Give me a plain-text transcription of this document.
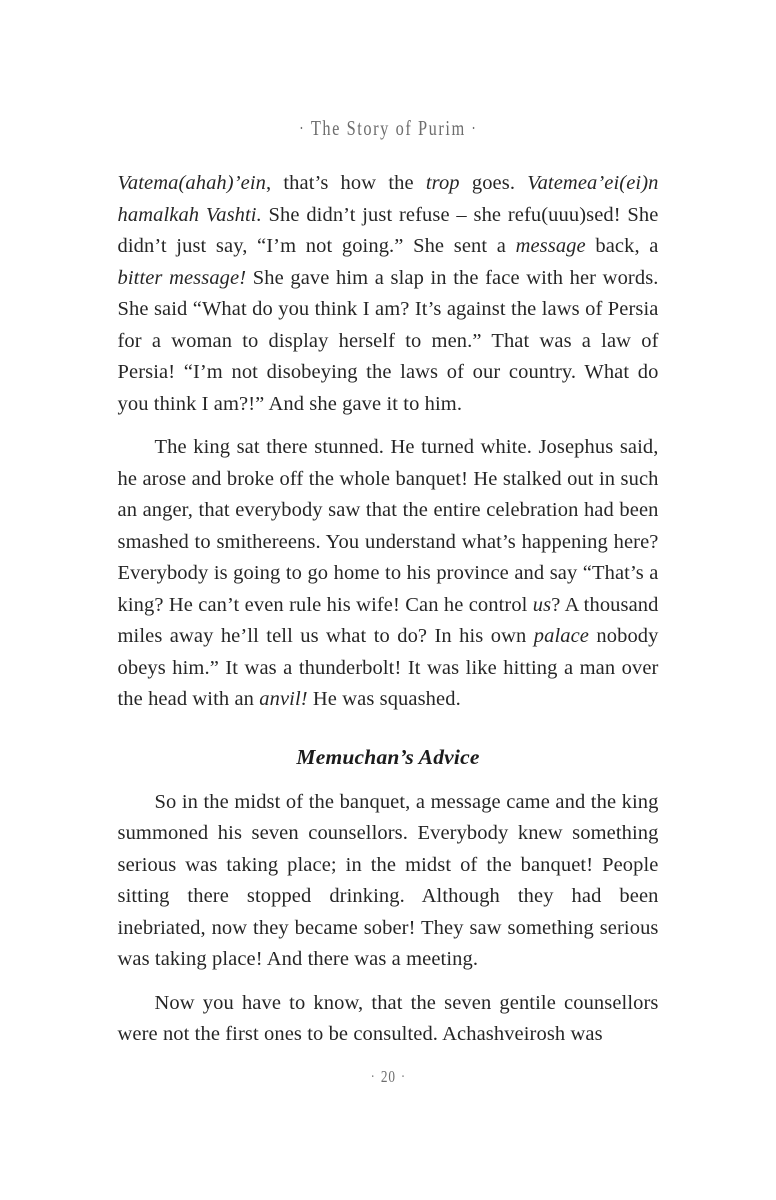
· The Story of Purim ·

Vatema(ahah)’ein, that’s how the trop goes. Vatemea’ei(ei)n hamalkah Vashti. She didn’t just refuse – she refu(uuu)sed! She didn’t just say, “I’m not going.” She sent a message back, a bitter message! She gave him a slap in the face with her words. She said “What do you think I am? It’s against the laws of Persia for a woman to display herself to men.” That was a law of Persia! “I’m not disobeying the laws of our country. What do you think I am?!” And she gave it to him.

The king sat there stunned. He turned white. Josephus said, he arose and broke off the whole banquet! He stalked out in such an anger, that everybody saw that the entire celebration had been smashed to smithereens. You understand what’s happening here? Everybody is going to go home to his province and say “That’s a king? He can’t even rule his wife! Can he control us? A thousand miles away he’ll tell us what to do? In his own palace nobody obeys him.” It was a thunderbolt! It was like hitting a man over the head with an anvil! He was squashed.

Memuchan’s Advice

So in the midst of the banquet, a message came and the king summoned his seven counsellors. Everybody knew something serious was taking place; in the midst of the banquet! People sitting there stopped drinking. Although they had been inebriated, now they became sober! They saw something serious was taking place! And there was a meeting.

Now you have to know, that the seven gentile counsellors were not the first ones to be consulted. Achashveirosh was

· 20 ·
